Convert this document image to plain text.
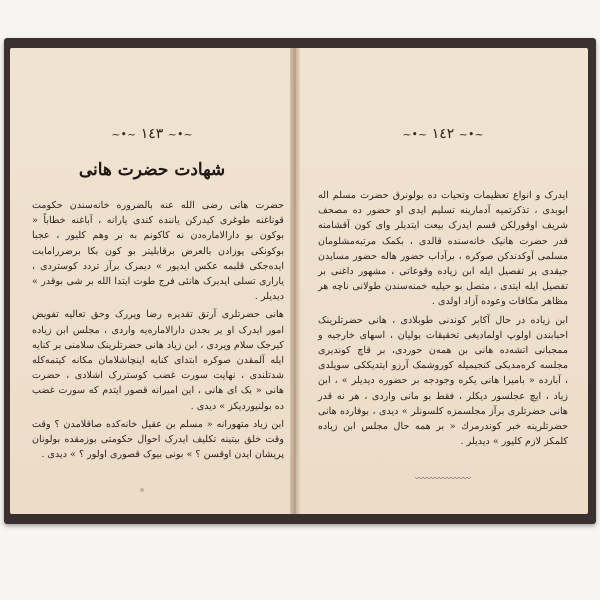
~•~ ١٤٣ ~•~
شهادت حضرت هانی

حضرت هانی رضی الله عنه بالضروره خانه‌سندن حکومت قوناغنه طوغری کیدرکن یاننده کندی یارانه ، آباغنه خطاباً « بوکون بو دارالاماره‌دن نه کاکونم به بر وهم کلیور ، عجبا بوکونکی یوزادن بالعرض برقابلیتر بو کون بکا برضررامابت ایده‌جکی قلبمه عکس ایدیور » دیمرک برآز تردد کوستردی ، یاراری تسلی ایدیرک هانئی فرج طوت ایتدا الله بر شی بوقدر » دیدیلر .

هانی حضرتلری آرتق تقدیره رضا ویررک وحق تعالیه تفویض امور ایدرک او یر بجدن دارالاماره‌یه واردی ، مجلس ابن زیاده کیرجک سلام ویردی ، ابن زیاد هانی حضرتلرینک سلامنی بر کنایه ایله آلمقدن صوکره ابتدای کنایه اینچاشلامان مکانه کیتمه‌کله شدتلندی ، نهایت سورت غضب کوستررک اشلادی ، حضرت هانی « بک ای هانی ، این امیرانه قصور ایتدم که سورت غضب ده بولنیوردیکز » دیدی .

ابن زیاد متهورانه « مسلم بن عقیل خانه‌کده صاقلامدن ؟ وقت وقت خلق بیتینه تکلیف ایدرک احوال حکومتی بوزمقده بولونان پریشان ایدن اوقسن ؟ » بونی بیوک قصوری اولور ؟ » دیدی .

~•~ ١٤٢ ~•~

ایدرک و انواع تعظیمات وتحیات ده بولونرق حضرت مسلم اله ایوبدی ، تذکرتمیه آدمارینه تسلیم ایدی او حضور ده مصحف شریف اوقورلکن قسم ایدرک بیعت ایتدیلر وای کون آقشامنه قدر حضرت هانیک خانه‌سنده قالدی ، بکمک مرتبه‌مشلومان مسلمی آوکدندکن صوکره ، برآداب حضور هاله حضور مسایدن جیقدی پر تفصیل ایله ابن زیاده وقوعاتی ، مشهور داغنی بر تفصیل ایله ایتدی ، متصل بو حیلیه خمنه‌سندن طولانی ناچه هر مظاهر مکافات وعوده آزاد اولدی .

ابن زیاده در حال آکابر کوندنی طوبلادی ، هانی حضرتلرینک احبابندن اولوپ اولمادیغی تحقیقات بولیان ، اسهای خارجیه و ممجبانی اتشه‌ده هانی بن همه‌ن حوردی، بر قاچ کوندیری مجلسه کره‌مدیکی کنجیمیله کوروشمک آرزو ایتدیککی سویلدی ، آبارده « بامیرا هانی یکره وجودجه بر حضوره دیدیلر » ، ابن زیاد ، ایچ عجلسور دیکلر ، فقط بو مانی واردی ، هر نه قدر هانی حضرتلری برآز مجلسمزه کلسونلر » دیدی ، بوفارده هانی حضرتلرینه خبر کوندرمرك « بر همه حال مجلس ابن زیاده کلمکز لازم کلیور » دیدیلر .

〰〰〰〰〰〰〰
